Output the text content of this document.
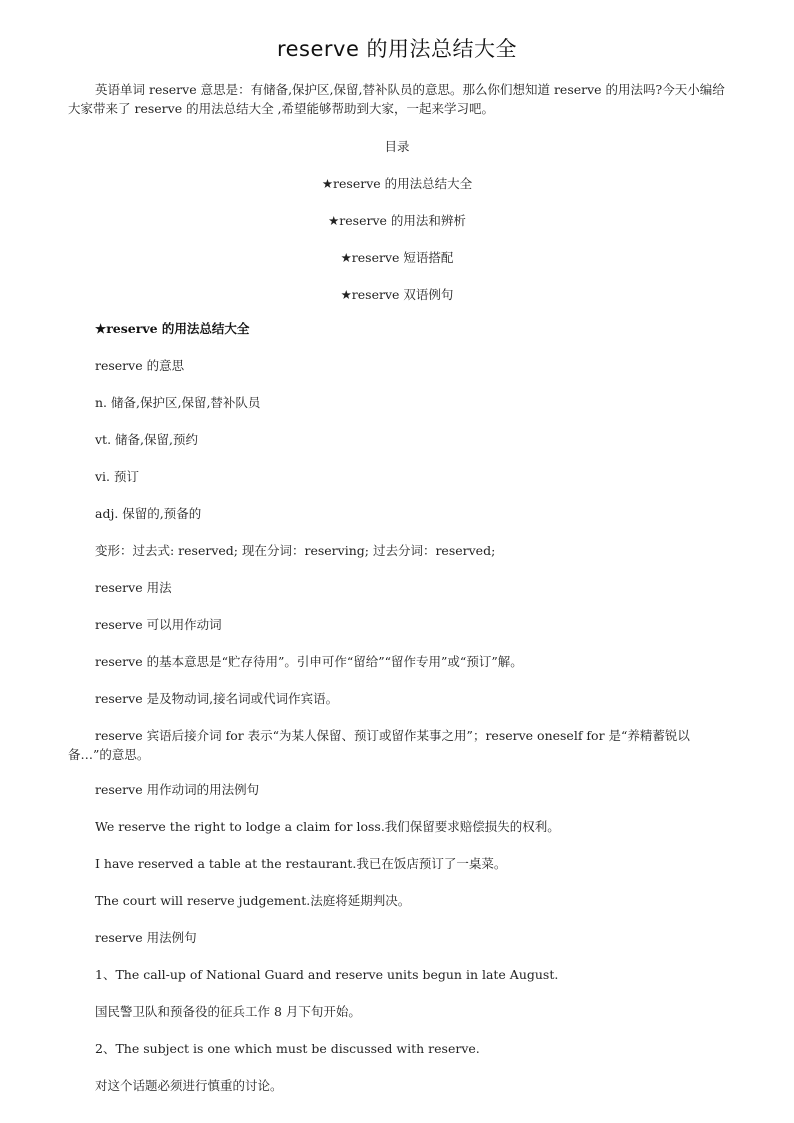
reserve 的用法总结大全
英语单词 reserve 意思是：有储备,保护区,保留,替补队员的意思。那么你们想知道 reserve 的用法吗?今天小编给大家带来了 reserve 的用法总结大全 ,希望能够帮助到大家，一起来学习吧。
目录
★reserve 的用法总结大全
★reserve 的用法和辨析
★reserve 短语搭配
★reserve 双语例句
★reserve 的用法总结大全
reserve 的意思
n. 储备,保护区,保留,替补队员
vt. 储备,保留,预约
vi. 预订
adj. 保留的,预备的
变形：过去式: reserved; 现在分词：reserving; 过去分词：reserved;
reserve 用法
reserve 可以用作动词
reserve 的基本意思是“贮存待用”。引申可作“留给”“留作专用”或“预订”解。
reserve 是及物动词,接名词或代词作宾语。
reserve 宾语后接介词 for 表示“为某人保留、预订或留作某事之用”；reserve oneself for 是“养精蓄锐以备…”的意思。
reserve 用作动词的用法例句
We reserve the right to lodge a claim for loss.我们保留要求赔偿损失的权利。
I have reserved a table at the restaurant.我已在饭店预订了一桌菜。
The court will reserve judgement.法庭将延期判决。
reserve 用法例句
1、The call-up of National Guard and reserve units begun in late August.
国民警卫队和预备役的征兵工作 8 月下旬开始。
2、The subject is one which must be discussed with reserve.
对这个话题必须进行慎重的讨论。
